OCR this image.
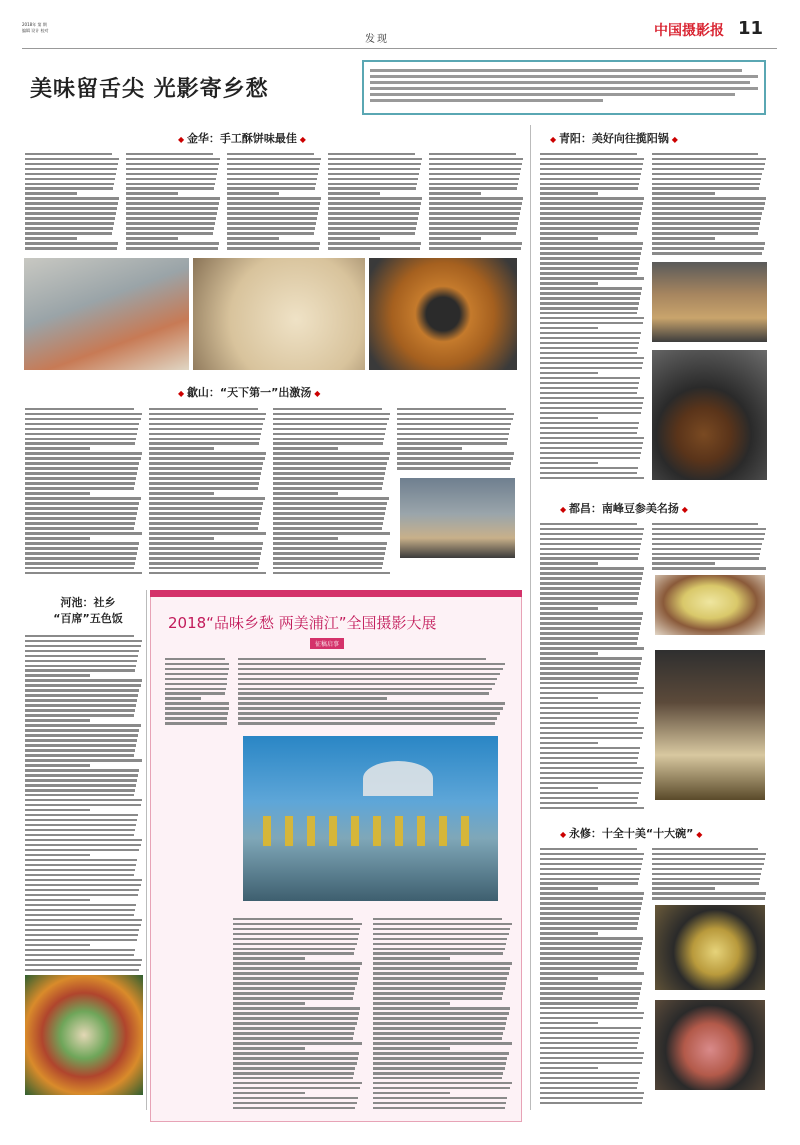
2018年 第 期
编辑 设计 校对
发现
中国摄影报 11
美味留舌尖 光影寄乡愁
◆ 金华：手工酥饼味最佳 ◆
◆ 歙山：“天下第一”出激汤 ◆
河池：社乡
“百席”五色饭	2018“品味乡愁 两美浦江”全国摄影大展
征稿启事
◆ 青阳：美好向往揽阳锅 ◆
◆ 都昌：南峰豆参美名扬 ◆
◆ 永修：十全十美“十大碗” ◆
